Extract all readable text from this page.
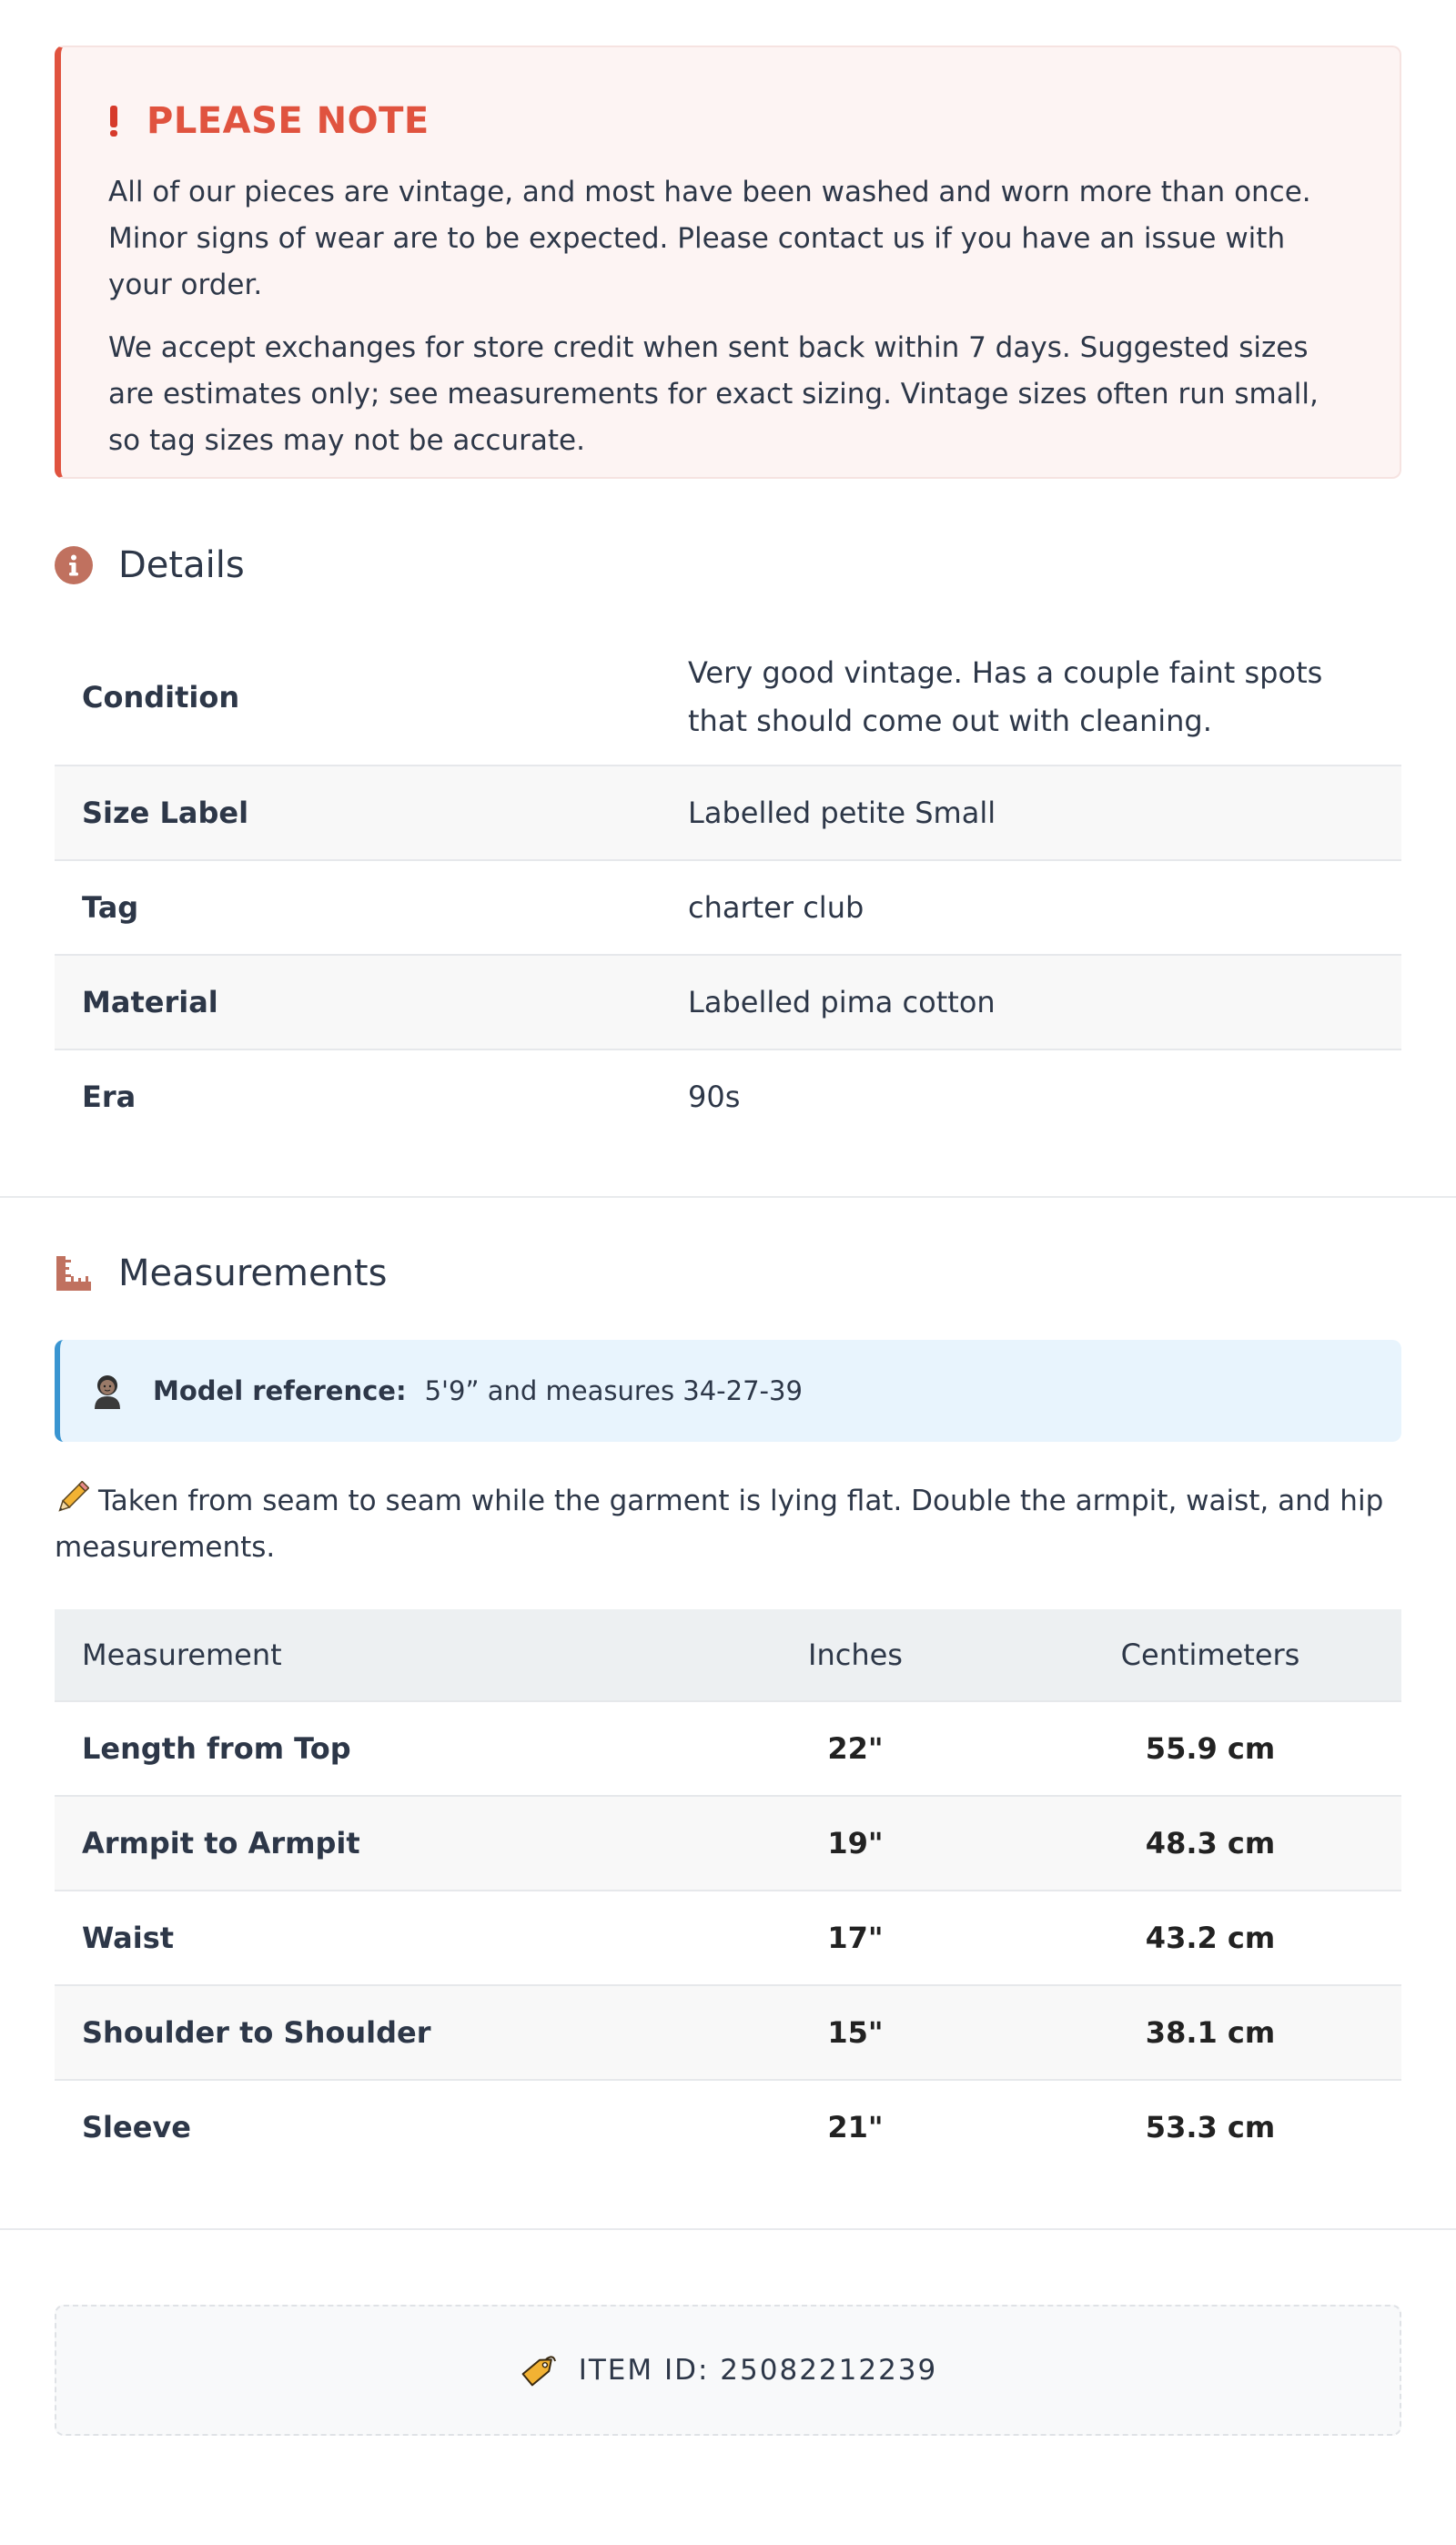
PLEASE NOTE

All of our pieces are vintage, and most have been washed and worn more than once. Minor signs of wear are to be expected. Please contact us if you have an issue with your order.

We accept exchanges for store credit when sent back within 7 days. Suggested sizes are estimates only; see measurements for exact sizing. Vintage sizes often run small, so tag sizes may not be accurate.

Details
Condition	Very good vintage. Has a couple faint spots that should come out with cleaning.
Size Label	Labelled petite Small
Tag	charter club
Material	Labelled pima cotton
Era	90s
Measurements
Model reference: 5'9” and measures 34-27-39
Taken from seam to seam while the garment is lying flat. Double the armpit, waist, and hip measurements.
Measurement	Inches	Centimeters
Length from Top	22"	55.9 cm
Armpit to Armpit	19"	48.3 cm
Waist	17"	43.2 cm
Shoulder to Shoulder	15"	38.1 cm
Sleeve	21"	53.3 cm
ITEM ID: 25082212239
